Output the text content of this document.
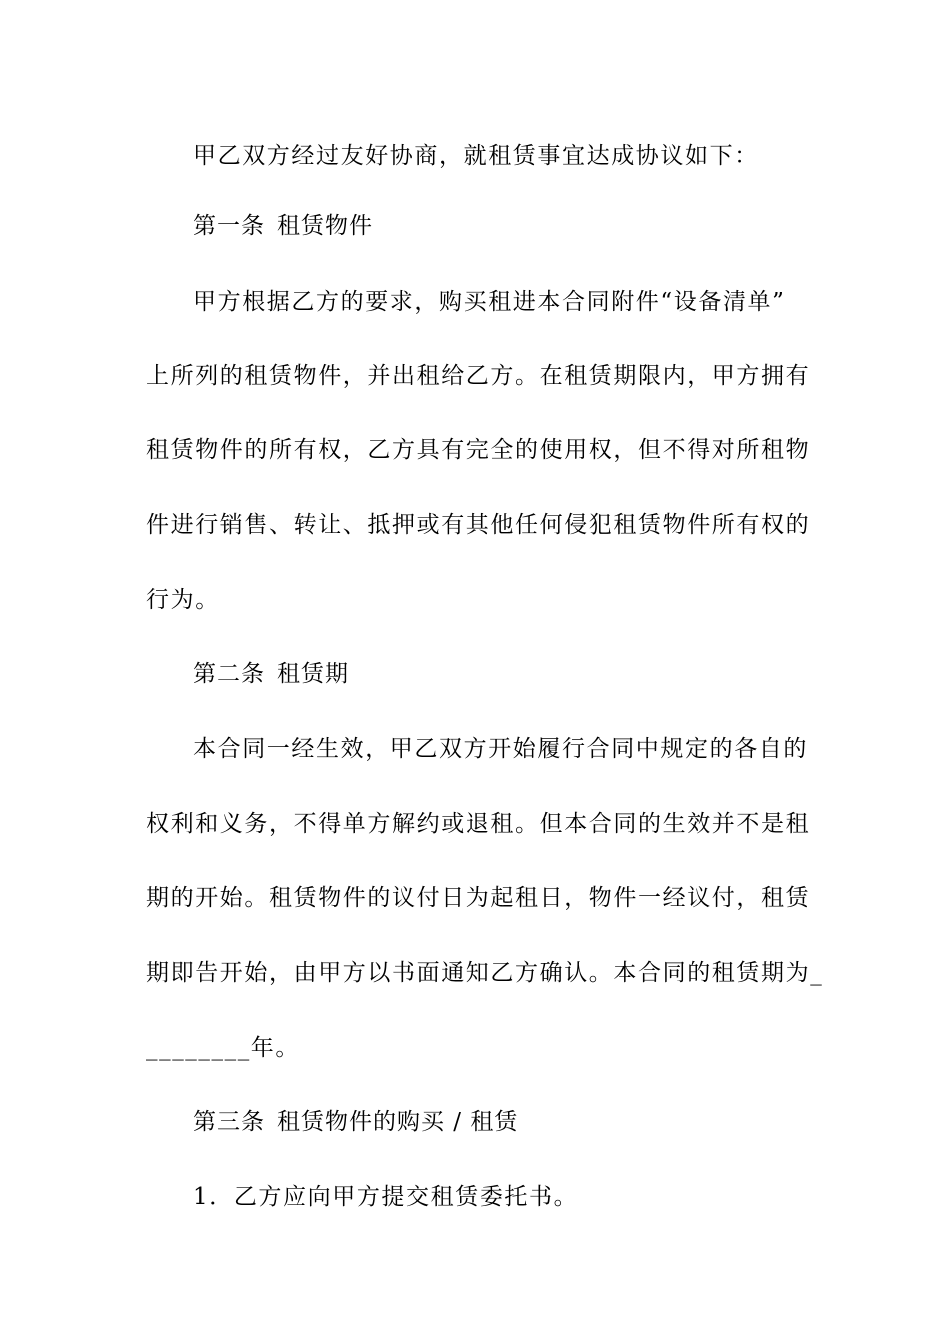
甲乙双方经过友好协商，就租赁事宜达成协议如下：
第一条 租赁物件
甲方根据乙方的要求，购买租进本合同附件“设备清单”
上所列的租赁物件，并出租给乙方。在租赁期限内，甲方拥有
租赁物件的所有权，乙方具有完全的使用权，但不得对所租物
件进行销售、转让、抵押或有其他任何侵犯租赁物件所有权的
行为。
第二条 租赁期
本合同一经生效，甲乙双方开始履行合同中规定的各自的
权利和义务，不得单方解约或退租。但本合同的生效并不是租
期的开始。租赁物件的议付日为起租日，物件一经议付，租赁
期即告开始，由甲方以书面通知乙方确认。本合同的租赁期为_
________年。
第三条 租赁物件的购买 / 租赁
1．乙方应向甲方提交租赁委托书。
